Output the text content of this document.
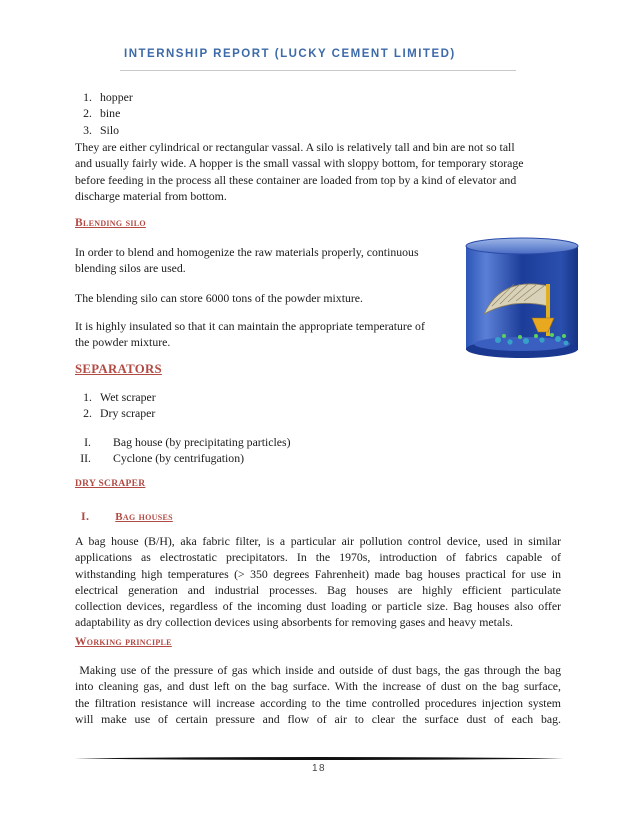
INTERNSHIP REPORT (LUCKY CEMENT LIMITED)
1. hopper
2. bine
3. Silo
They are either cylindrical or rectangular vassal. A silo is relatively tall and bin are not so tall
and usually fairly wide. A hopper is the small vassal with sloppy bottom, for temporary storage
before feeding in the process all these container are loaded from top by a kind of elevator and
discharge material from bottom.
Blending silo
In order to blend and homogenize the raw materials properly, continuous
blending silos are used.
The blending silo can store 6000 tons of the powder mixture.
It is highly insulated so that it can maintain the appropriate temperature of
the powder mixture.
SEPARATORS
1. Wet scraper
2. Dry scraper
I. Bag house (by precipitating particles)
II. Cyclone (by centrifugation)
DRY SCRAPER
I. Bag houses
A bag house (B/H), aka fabric filter, is a particular air pollution control device, used in similar
applications as electrostatic precipitators. In the 1970s, introduction of fabrics capable of
withstanding high temperatures (> 350 degrees Fahrenheit) made bag houses practical for use in
electrical generation and industrial processes. Bag houses are highly efficient particulate
collection devices, regardless of the incoming dust loading or particle size. Bag houses also offer
adaptability as dry collection devices using absorbents for removing gases and heavy metals.
Working principle
Making use of the pressure of gas which inside and outside of dust bags, the gas through the bag
into cleaning gas, and dust left on the bag surface. With the increase of dust on the bag surface,
the filtration resistance will increase according to the time controlled procedures injection system
will make use of certain pressure and flow of air to clear the surface dust of each bag.
18
